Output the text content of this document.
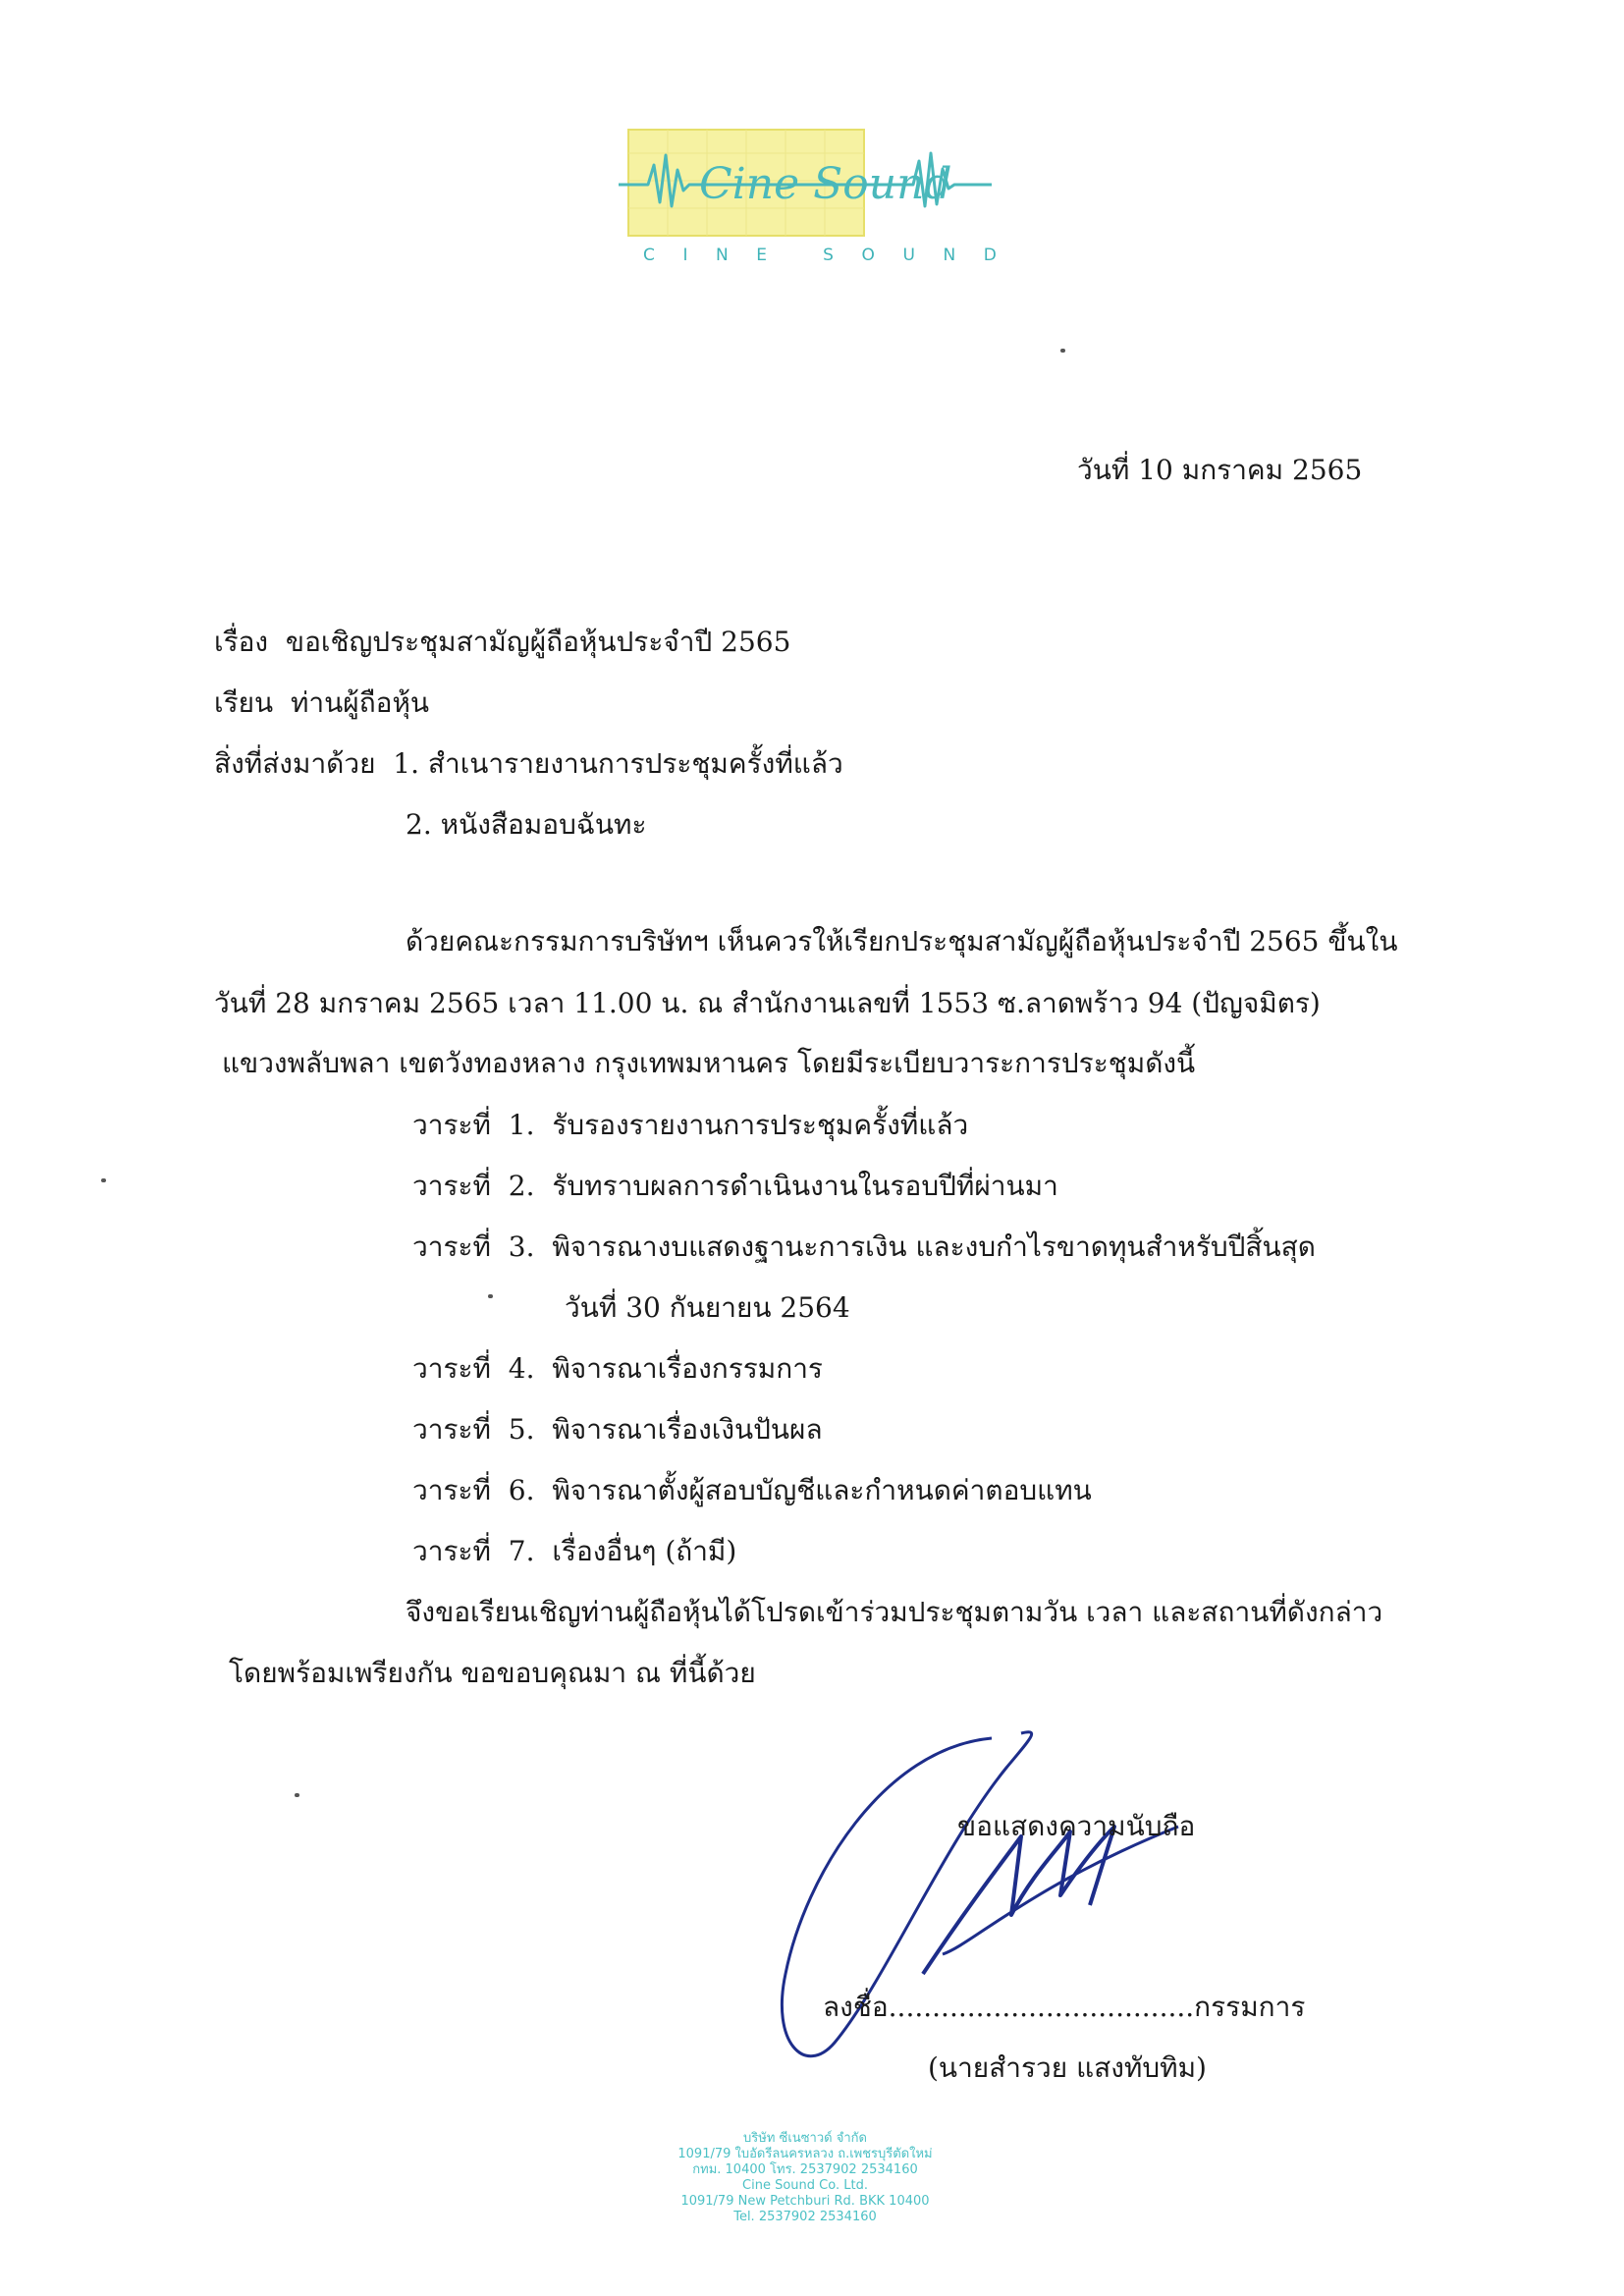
Cine Sound
C I N E	S O U N D
วันที่ 10 มกราคม 2565
เรื่อง ขอเชิญประชุมสามัญผู้ถือหุ้นประจำปี 2565
เรียน ท่านผู้ถือหุ้น
สิ่งที่ส่งมาด้วย 1. สำเนารายงานการประชุมครั้งที่แล้ว
2. หนังสือมอบฉันทะ
ด้วยคณะกรรมการบริษัทฯ เห็นควรให้เรียกประชุมสามัญผู้ถือหุ้นประจำปี 2565 ขึ้นใน
วันที่ 28 มกราคม 2565 เวลา 11.00 น. ณ สำนักงานเลขที่ 1553 ซ.ลาดพร้าว 94 (ปัญจมิตร)
แขวงพลับพลา เขตวังทองหลาง กรุงเทพมหานคร โดยมีระเบียบวาระการประชุมดังนี้
วาระที่ 1. รับรองรายงานการประชุมครั้งที่แล้ว
วาระที่ 2. รับทราบผลการดำเนินงานในรอบปีที่ผ่านมา
วาระที่ 3. พิจารณางบแสดงฐานะการเงิน และงบกำไรขาดทุนสำหรับปีสิ้นสุด
วันที่ 30 กันยายน 2564
วาระที่ 4. พิจารณาเรื่องกรรมการ
วาระที่ 5. พิจารณาเรื่องเงินปันผล
วาระที่ 6. พิจารณาตั้งผู้สอบบัญชีและกำหนดค่าตอบแทน
วาระที่ 7. เรื่องอื่นๆ (ถ้ามี)
จึงขอเรียนเชิญท่านผู้ถือหุ้นได้โปรดเข้าร่วมประชุมตามวัน เวลา และสถานที่ดังกล่าว
โดยพร้อมเพรียงกัน ขอขอบคุณมา ณ ที่นี้ด้วย
ขอแสดงความนับถือ
ลงชื่อ...................................กรรมการ
(นายสำรวย แสงทับทิม)
บริษัท ซีเนซาวด์ จำกัด
1091/79 ใบอัดรีลนครหลวง ถ.เพชรบุรีตัดใหม่
กทม. 10400 โทร. 2537902 2534160
Cine Sound Co. Ltd.
1091/79 New Petchburi Rd. BKK 10400
Tel. 2537902 2534160
